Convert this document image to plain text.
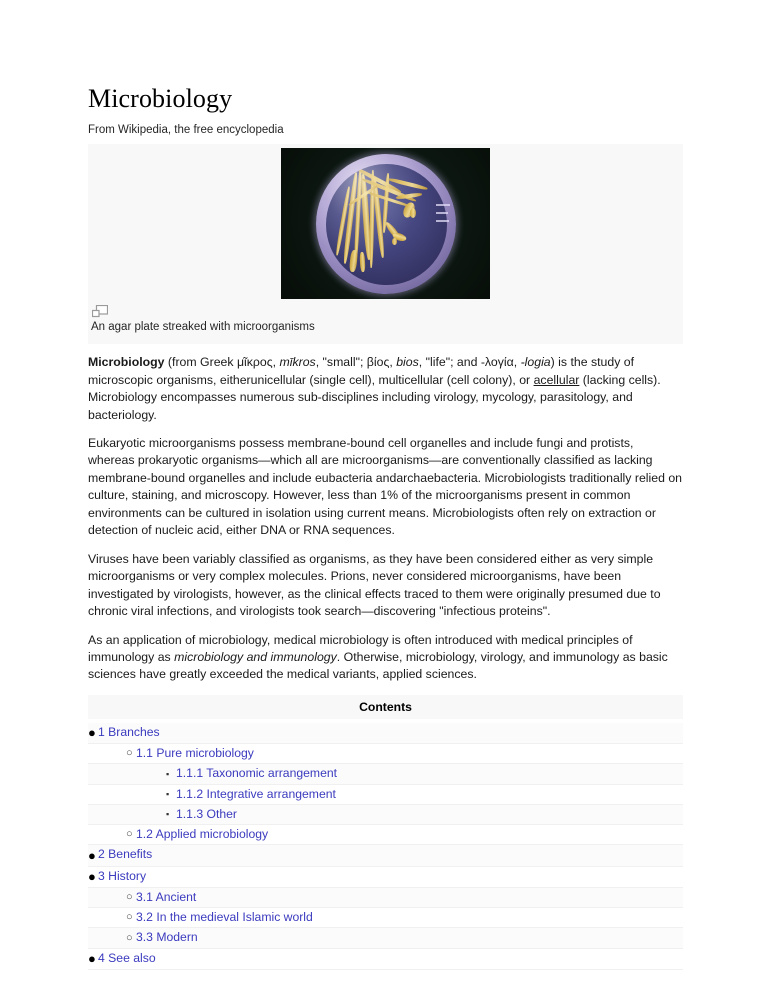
Microbiology
From Wikipedia, the free encyclopedia
An agar plate streaked with microorganisms

Microbiology (from Greek μῖκρος, mīkros, "small"; βίος, bios, "life"; and -λογία, -logia) is the study of microscopic organisms, eitherunicellular (single cell), multicellular (cell colony), or acellular (lacking cells). Microbiology encompasses numerous sub-disciplines including virology, mycology, parasitology, and bacteriology.

Eukaryotic microorganisms possess membrane-bound cell organelles and include fungi and protists, whereas prokaryotic organisms—which all are microorganisms—are conventionally classified as lacking membrane-bound organelles and include eubacteria andarchaebacteria. Microbiologists traditionally relied on culture, staining, and microscopy. However, less than 1% of the microorganisms present in common environments can be cultured in isolation using current means. Microbiologists often rely on extraction or detection of nucleic acid, either DNA or RNA sequences.

Viruses have been variably classified as organisms, as they have been considered either as very simple microorganisms or very complex molecules. Prions, never considered microorganisms, have been investigated by virologists, however, as the clinical effects traced to them were originally presumed due to chronic viral infections, and virologists took search—discovering "infectious proteins".

As an application of microbiology, medical microbiology is often introduced with medical principles of immunology as microbiology and immunology. Otherwise, microbiology, virology, and immunology as basic sciences have greatly exceeded the medical variants, applied sciences.

Contents
● 1 Branches
○ 1.1 Pure microbiology
▪ 1.1.1 Taxonomic arrangement
▪ 1.1.2 Integrative arrangement
▪ 1.1.3 Other
○ 1.2 Applied microbiology
● 2 Benefits
● 3 History
○ 3.1 Ancient
○ 3.2 In the medieval Islamic world
○ 3.3 Modern
● 4 See also
